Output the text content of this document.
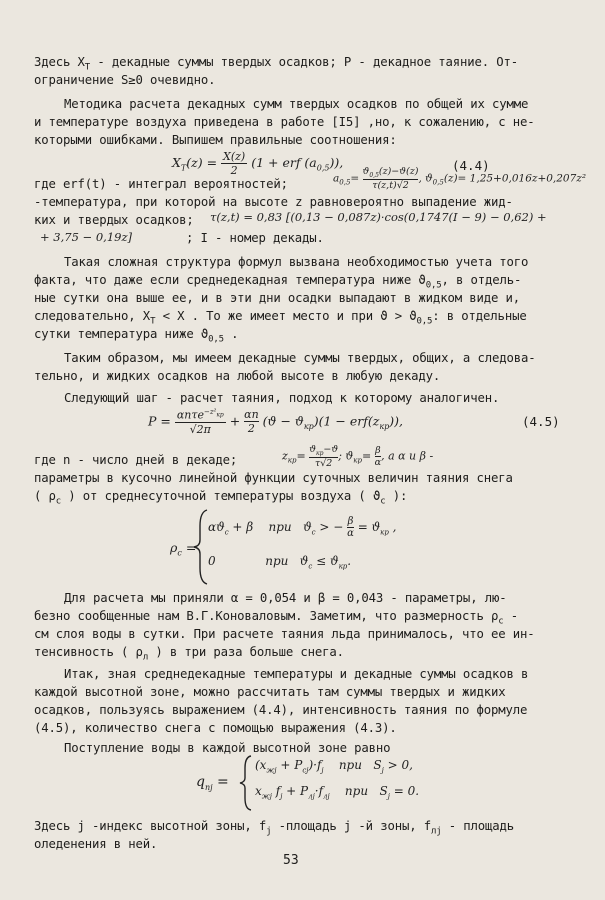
Здесь $X_T$ - декадные суммы твердых осадков; P - декадное таяние. От-
ограничение S≥0 очевидно.
Методика расчета декадных сумм твердых осадков по общей их сумме
и температуре воздуха приведена в работе [I5] ,но, к сожалению, с не-
которыми ошибками. Выпишем правильные соотношения:
$X_T(z) = \frac{X(z)}{2} (1$ + erf $(a_{0,5})$),	(4.4)
где erf(t) - интеграл вероятностей;	$a_{0,5}= \frac{ϑ_{0,5}(z)-ϑ(z)}{\tau(z,t)√2}$ , $ϑ_{0,5}(z)= 1,25+0,016z+0,207z^2$
-температура, при которой на высоте z равновероятно выпадение жид-
ких и твердых осадков;	τ(z,t) = 0,83 [(0,13 − 0,087z)·cos(0,1747(I − 9) − 0,62) +
+ 3,75 − 0,19z]	; I - номер декады.
Такая сложная структура формул вызвана необходимостью учета того
факта, что даже если среднедекадная температура ниже $ϑ_{0,5}$, в отдель-
ные сутки она выше ее, и в эти дни осадки выпадают в жидком виде и,
следовательно, $X_T < X$ . То же имеет место и при $ϑ > ϑ_{0,5}$: в отдельные
сутки температура ниже $ϑ_{0,5}$ .
Таким образом, мы имеем декадные суммы твердых, общих, а следова-
тельно, и жидких осадков на любой высоте в любую декаду.
Следующий шаг - расчет таяния, подход к которому аналогичен.
P = αnτe$^{-z^2_{кр}}$
√2π
+ $\frac{\alpha n}{2} (ϑ - ϑ_{кр})(1 - erf(z_{кр}))$,	(4.5)
где n - число дней в декаде;	$z_{кр}= ϑ_{кр}-ϑ$
τ√2
; $ϑ_{кр}= \frac{\beta}{\alpha}$ , a α u β -
параметры в кусочно линейной функции суточных величин таяния снега
( $\rho_c$ ) от среднесуточной температуры воздуха ( $ϑ_c$ ):
$\rho_c$ =
$\alpha ϑ_c + \beta$    при   $ϑ_c$ > − $\frac{\beta}{\alpha} = ϑ_{кр}$ ,
0             при   $ϑ_c \le ϑ_{кр}$.
Для расчета мы приняли α = 0,054 и β = 0,043 - параметры, лю-
безно сообщенные нам В.Г.Коноваловым. Заметим, что размерность $\rho_c$ -
см слоя воды в сутки. При расчете таяния льда принималось, что ее ин-
тенсивность ( $\rho_л$ ) в три раза больше снега.
Итак, зная среднедекадные температуры и декадные суммы осадков в
каждой высотной зоне, можно рассчитать там суммы твердых и жидких
осадков, пользуясь выражением (4.4), интенсивность таяния по формуле
(4.5), количество снега с помощью выражения (4.3).
Поступление воды в каждой высотной зоне равно
$q_{nj}$ =
$(x_{жj} + P_{cj})\cdot f_j$    при   $S_j > 0$,
$x_{жj}$ $f_j + P_{лj}\cdot f_{лj}$    при   $S_j = 0$.
Здесь j -индекс высотной зоны, $f_j$ -площадь j -й зоны, $f_{лj}$ - площадь
оледенения в ней.
53
